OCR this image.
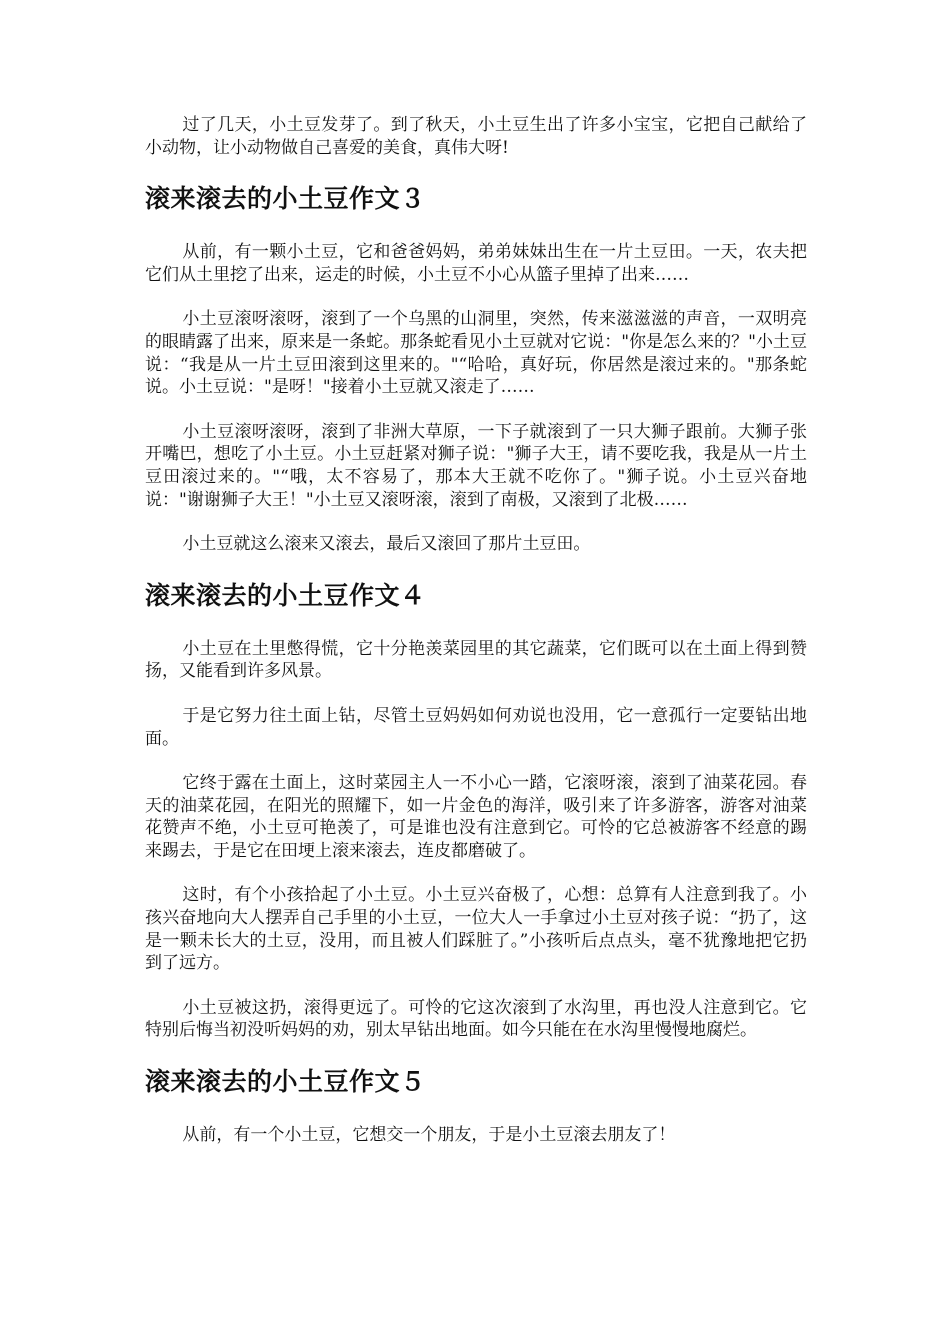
过了几天，小土豆发芽了。到了秋天，小土豆生出了许多小宝宝，它把自己献给了小动物，让小动物做自己喜爱的美食，真伟大呀!

滚来滚去的小土豆作文３

从前，有一颗小土豆，它和爸爸妈妈，弟弟妹妹出生在一片土豆田。一天，农夫把它们从土里挖了出来，运走的时候，小土豆不小心从篮子里掉了出来……

小土豆滚呀滚呀，滚到了一个乌黑的山洞里，突然，传来滋滋滋的声音，一双明亮的眼睛露了出来，原来是一条蛇。那条蛇看见小土豆就对它说："你是怎么来的？"小土豆说：“我是从一片土豆田滚到这里来的。"“哈哈，真好玩，你居然是滚过来的。"那条蛇说。小土豆说："是呀！"接着小土豆就又滚走了……

小土豆滚呀滚呀，滚到了非洲大草原，一下子就滚到了一只大狮子跟前。大狮子张开嘴巴，想吃了小土豆。小土豆赶紧对狮子说："狮子大王，请不要吃我，我是从一片土豆田滚过来的。"“哦，太不容易了，那本大王就不吃你了。"狮子说。小土豆兴奋地说："谢谢狮子大王！"小土豆又滚呀滚，滚到了南极，又滚到了北极……

小土豆就这么滚来又滚去，最后又滚回了那片土豆田。

滚来滚去的小土豆作文４

小土豆在土里憋得慌，它十分艳羡菜园里的其它蔬菜，它们既可以在土面上得到赞扬，又能看到许多风景。

于是它努力往土面上钻，尽管土豆妈妈如何劝说也没用，它一意孤行一定要钻出地面。

它终于露在土面上，这时菜园主人一不小心一踏，它滚呀滚，滚到了油菜花园。春天的油菜花园，在阳光的照耀下，如一片金色的海洋，吸引来了许多游客，游客对油菜花赞声不绝，小土豆可艳羡了，可是谁也没有注意到它。可怜的它总被游客不经意的踢来踢去，于是它在田埂上滚来滚去，连皮都磨破了。

这时，有个小孩拾起了小土豆。小土豆兴奋极了，心想：总算有人注意到我了。小孩兴奋地向大人摆弄自己手里的小土豆，一位大人一手拿过小土豆对孩子说：“扔了，这是一颗未长大的土豆，没用，而且被人们踩脏了。”小孩听后点点头，毫不犹豫地把它扔到了远方。

小土豆被这扔，滚得更远了。可怜的它这次滚到了水沟里，再也没人注意到它。它特别后悔当初没听妈妈的劝，别太早钻出地面。如今只能在在水沟里慢慢地腐烂。

滚来滚去的小土豆作文５

从前，有一个小土豆，它想交一个朋友，于是小土豆滚去朋友了！
